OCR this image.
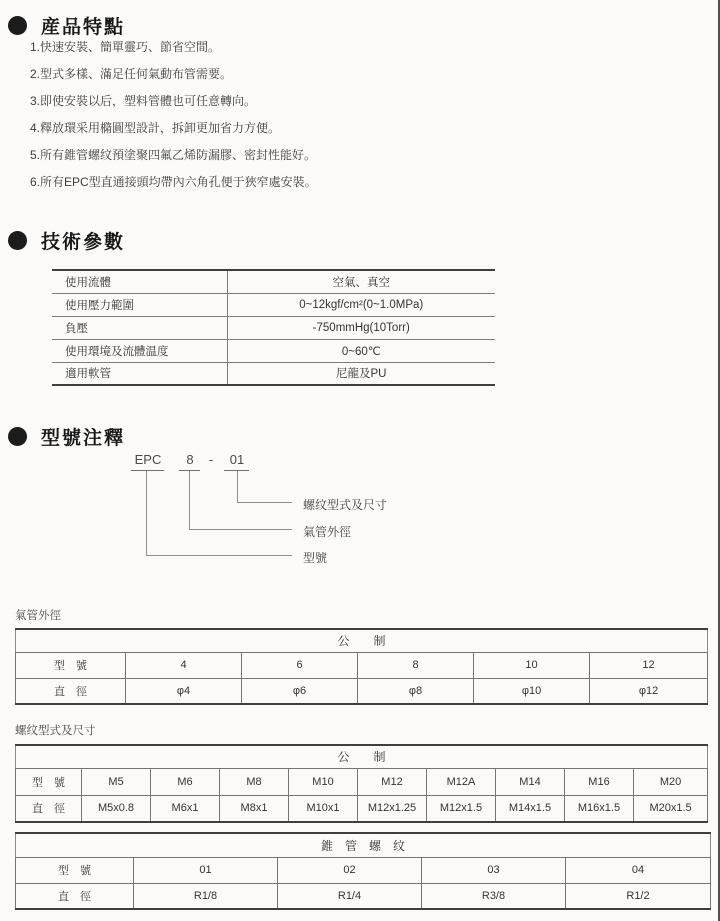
産品特點
1.快速安裝、簡單靈巧、節省空間。
2.型式多樣、滿足任何氣動布管需要。
3.即使安裝以后，塑料管體也可任意轉向。
4.釋放環采用橢圓型設計，拆卸更加省力方便。
5.所有錐管螺纹預塗聚四氟乙烯防漏膠、密封性能好。
6.所有EPC型直通接頭均帶內六角孔便于狹窄處安裝。
技術參數
使用流體	空氣、真空
使用壓力範圍	0~12kgf/cm²(0~1.0MPa)
負壓	-750mmHg(10Torr)
使用環境及流體温度	0~60℃
適用軟管	尼龍及PU
型號注釋
EPC	8	-	01
螺纹型式及尺寸
氣管外徑
型號
氣管外徑
公　　制					
型　號	4	6	8	10	12
直　徑	φ4	φ6	φ8	φ10	φ12
螺纹型式及尺寸
公　　制									
型　號	M5	M6	M8	M10	M12	M12A	M14	M16	M20
直　徑	M5x0.8	M6x1	M8x1	M10x1	M12x1.25	M12x1.5	M14x1.5	M16x1.5	M20x1.5
錐　管　螺　纹				
型　號	01	02	03	04
直　徑	R1/8	R1/4	R3/8	R1/2
